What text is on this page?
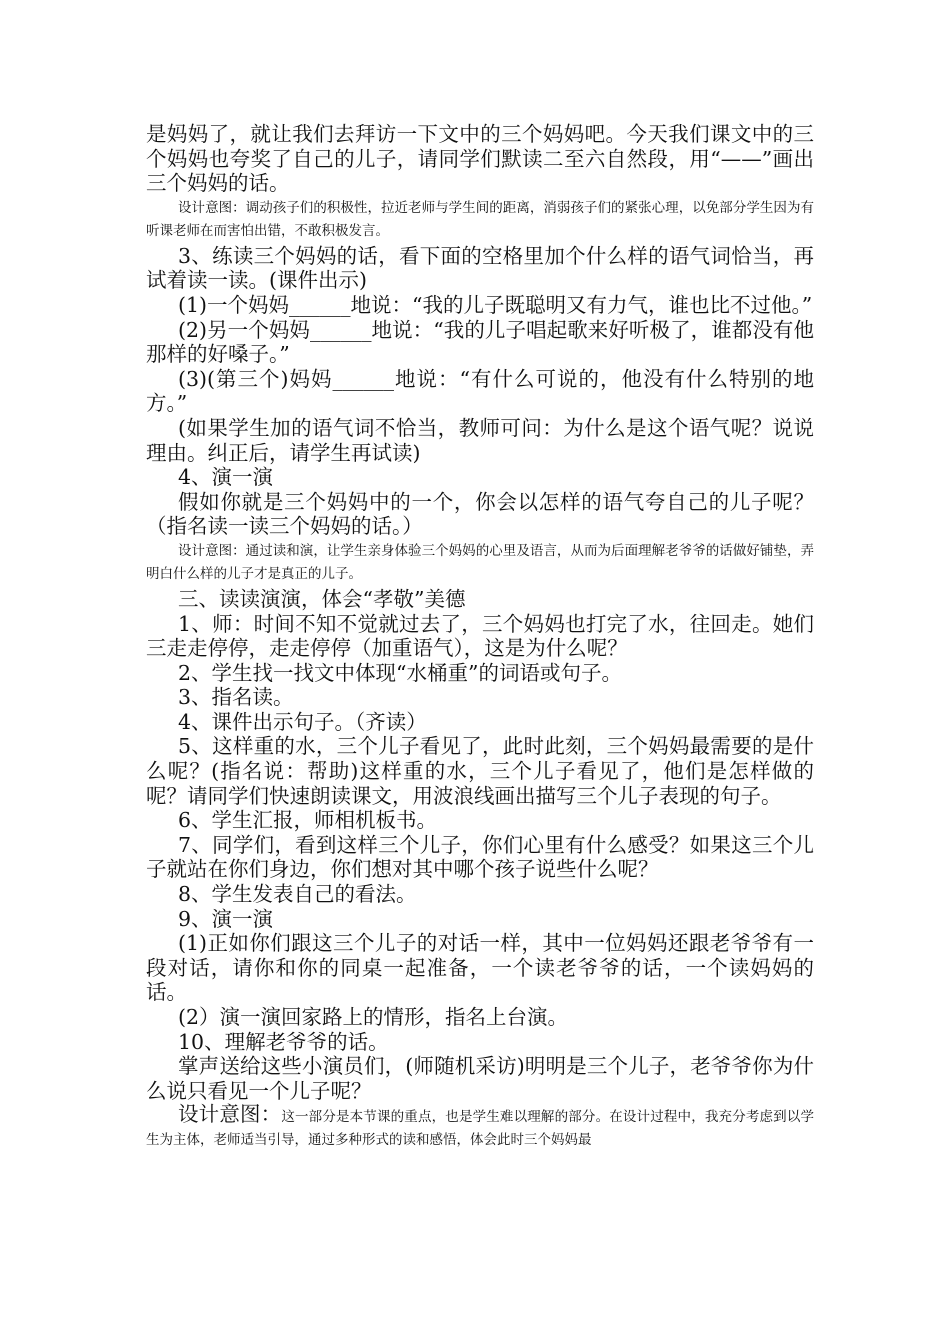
是妈妈了，就让我们去拜访一下文中的三个妈妈吧。今天我们课文中的三个妈妈也夸奖了自己的儿子，请同学们默读二至六自然段，用“——”画出三个妈妈的话。

设计意图：调动孩子们的积极性，拉近老师与学生间的距离，消弱孩子们的紧张心理，以免部分学生因为有听课老师在而害怕出错，不敢积极发言。

3、练读三个妈妈的话，看下面的空格里加个什么样的语气词恰当，再试着读一读。(课件出示)

(1)一个妈妈______地说：“我的儿子既聪明又有力气，谁也比不过他。”

(2)另一个妈妈______地说：“我的儿子唱起歌来好听极了，谁都没有他那样的好嗓子。”

(3)(第三个)妈妈______地说：“有什么可说的，他没有什么特别的地方。”

(如果学生加的语气词不恰当，教师可问：为什么是这个语气呢？说说理由。纠正后，请学生再试读)

4、演一演

假如你就是三个妈妈中的一个，你会以怎样的语气夸自己的儿子呢？（指名读一读三个妈妈的话。）

设计意图：通过读和演，让学生亲身体验三个妈妈的心里及语言，从而为后面理解老爷爷的话做好铺垫，弄明白什么样的儿子才是真正的儿子。

三、读读演演，体会“孝敬”美德

1、师：时间不知不觉就过去了，三个妈妈也打完了水，往回走。她们三走走停停，走走停停（加重语气），这是为什么呢？

2、学生找一找文中体现“水桶重”的词语或句子。

3、指名读。

4、课件出示句子。（齐读）

5、这样重的水，三个儿子看见了，此时此刻，三个妈妈最需要的是什么呢？(指名说：帮助)这样重的水，三个儿子看见了，他们是怎样做的呢？请同学们快速朗读课文，用波浪线画出描写三个儿子表现的句子。

6、学生汇报，师相机板书。

7、同学们，看到这样三个儿子，你们心里有什么感受？如果这三个儿子就站在你们身边，你们想对其中哪个孩子说些什么呢？

8、学生发表自己的看法。

9、演一演

(1)正如你们跟这三个儿子的对话一样，其中一位妈妈还跟老爷爷有一段对话，请你和你的同桌一起准备，一个读老爷爷的话，一个读妈妈的话。

(2）演一演回家路上的情形，指名上台演。

10、理解老爷爷的话。

掌声送给这些小演员们，(师随机采访)明明是三个儿子，老爷爷你为什么说只看见一个儿子呢？

设计意图：这一部分是本节课的重点，也是学生难以理解的部分。在设计过程中，我充分考虑到以学生为主体，老师适当引导，通过多种形式的读和感悟，体会此时三个妈妈最
